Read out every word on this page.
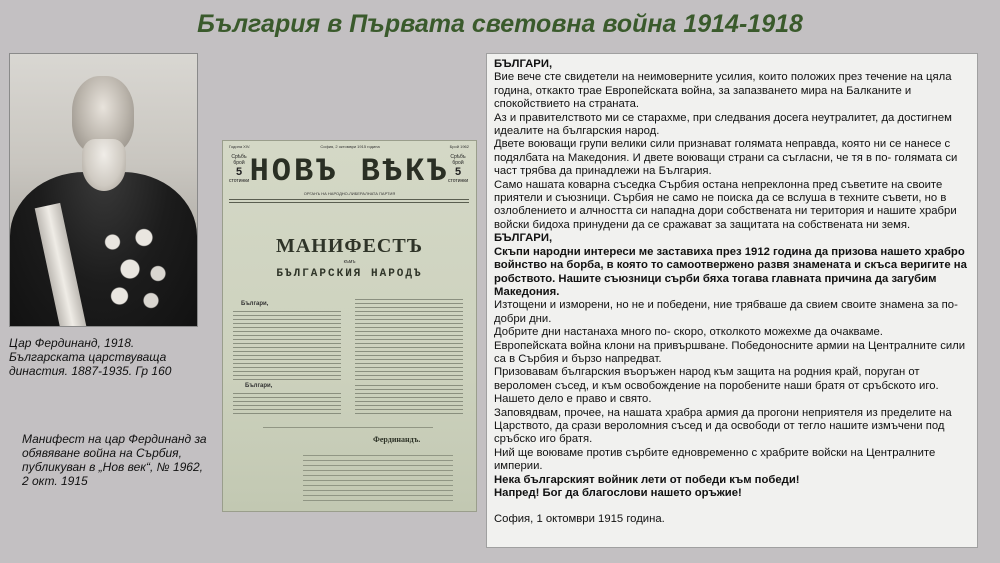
България в Първата световна война 1914-1918

Цар Фердинанд, 1918. Българската царствуваща династия. 1887-1935. Гр 160

Манифест на цар Фердинанд за обявяване война на Сърбия, публикуван в „Нов век“, № 1962, 2 окт. 1915

Година XIV.	София, 2 октомври 1915 година	Брой 1962
Срѣбъ брой
5
стотинки
Срѣбъ брой
5
стотинки
НОВЪ ВѢКЪ
ОРГАНЪ НА НАРОДНО-ЛИБЕРАЛНАТА ПАРТИЯ
МАНИФЕСТЪ
къмъ
БЪЛГАРСКИЯ НАРОДЪ
Българи,
Българи,
Фердинандъ.

БЪЛГАРИ,

Вие вече сте свидетели на неимоверните усилия, които положих през течение на цяла година, откакто трае Европейската война, за запазването мира на Балканите и спокойствието на страната.

Аз и правителството ми се стараxме, при следвания досега неутралитет, да достигнем идеалите на българския народ.

Двете воюващи групи велики сили признават голямата неправда, която ни се нанесе с подялбата на Македония. И двете воюващи страни са съгласни, че тя в по- голямата си част трябва да принадлежи на България.

Само нашата коварна съседка Сърбия остана непреклонна пред съветите на своите приятели и съюзници. Сърбия не само не поиска да се вслуша в техните съвети, но в озлоблението и алчността си нападна дори собствената ни територия и нашите храбри войски бидоха принудени да се сражават за защитата на собствената ни земя.

БЪЛГАРИ,

Скъпи народни интереси ме заставиха през 1912 година да призова нашето храбро войнство на борба, в която то самоотвержено развя знамената и скъса веригите на робството. Нашите съюзници сърби бяха тогава главната причина да загубим Македония.

Изтощени и изморени, но не и победени, ние трябваше да свием своите знамена за по-добри дни.

Добрите дни настанаха много по- скоро, отколкото можехме да очакваме.

Европейската война клони на привършване. Победоносните армии на Централните сили са в Сърбия и бързо напредват.

Призовавам българския въоръжен народ към защита на родния край, поруган от вероломен съсед, и към освобождение на поробените наши братя от сръбското иго. Нашето дело е право и свято.

Заповядвам, прочее, на нашата храбра армия да прогони неприятеля из пределите на Царството, да срази вероломния съсед и да освободи от тегло нашите измъчени под сръбско иго братя.

Ний ще воюваме против сърбите едновременно с храбрите войски на Централните империи.

Нека българският войник лети от победи към победи!

Напред! Бог да благослови нашето оръжие!

София, 1 октомври 1915 година.
